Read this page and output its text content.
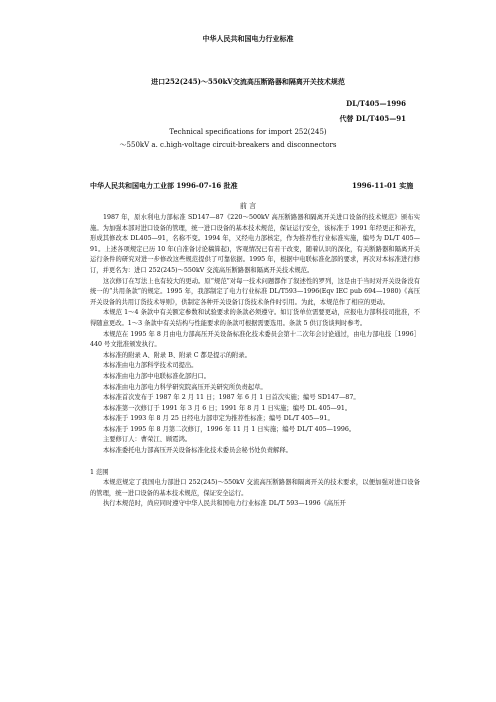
中华人民共和国电力行业标准
进口252(245)～550kV交流高压断路器和隔离开关技术规范
DL/T405—1996
代替 DL/T405—91
Technical specifications for import 252(245)
～550kV a. c.high-voltage circuit-breakers and disconnectors
中华人民共和国电力工业部 1996-07-16 批准	1996-11-01 实施
前 言

1987 年，原水利电力部标准 SD147—87《220～500kV 高压断路器和隔离开关进口设备的技术规范》颁布实施。为加强本部对进口设备的管理，统一进口设备的基本技术规范，保证运行安全，该标准于 1991 年经更正和补充，形成其修改本 DL405—91，名称不变。1994 年，又经电力部核定，作为推荐性行业标准实施，编号为 DL/T 405—91。上述各项规定已历 10 年(自准备讨论稿算起)，客观情况已有若干改变，随着认识的深化，有关断路器和隔离开关运行条件的研究对进一步修改这些规范提供了可靠依据。1995 年，根据中电联标准化部的要求，再次对本标准进行修订，并更名为：进口 252(245)～550kV 交流高压断路器和隔离开关技术规范。

这次修订在写法上也有较大的更动。原“规范”对每一技术问题都作了叙述性的罗列，这是由于当时对开关设备没有统一的“共用条款”的规定。1995 年，我部制定了电力行业标准 DL/T593—1996(Eqv IEC pub 694—1980)《高压开关设备的共用订货技术导则》，供制定各种开关设备订货技术条件时引用。为此，本规范作了相应的更动。

本规范 1～4 条款中有关额定参数和试验要求的条款必须遵守。如订货单位需要更动，应报电力部科技司批准，不得随意更改。1～3 条款中有关结构与性能要求的条款可根据需要选用。条款 5 供订货谈判时参考。

本规范在 1995 年 8 月由电力部高压开关设备标准化技术委员会第十二次年会讨论通过，由电力部电技［1996］440 号文批准颁发执行。

本标准的附录 A、附录 B、附录 C 都是提示的附录。

本标准由电力部科学技术司提出。

本标准由电力部中电联标准化部归口。

本标准由电力部电力科学研究院高压开关研究所负责起草。

本标准首次发布于 1987 年 2 月 11 日；1987 年 6 月 1 日首次实施；编号 SD147—87。

本标准第一次修订于 1991 年 3 月 6 日；1991 年 8 月 1 日实施；编号 DL 405—91。

本标准于 1993 年 8 月 25 日经电力部审定为推荐性标准；编号 DL/T 405—91。

本标准于 1995 年 8 月第二次修订，1996 年 11 月 1 日实施；编号 DL/T 405—1996。

主要修订人：曹荣江、顾霓鸿。

本标准委托电力部高压开关设备标准化技术委员会秘书处负责解释。

1 范围

本规范规定了我国电力部进口 252(245)～550kV 交流高压断路器和隔离开关的技术要求，以便加强对进口设备的管理，统一进口设备的基本技术规范，保证安全运行。

执行本规范时，尚应同时遵守中华人民共和国电力行业标准 DL/T 593—1996《高压开
